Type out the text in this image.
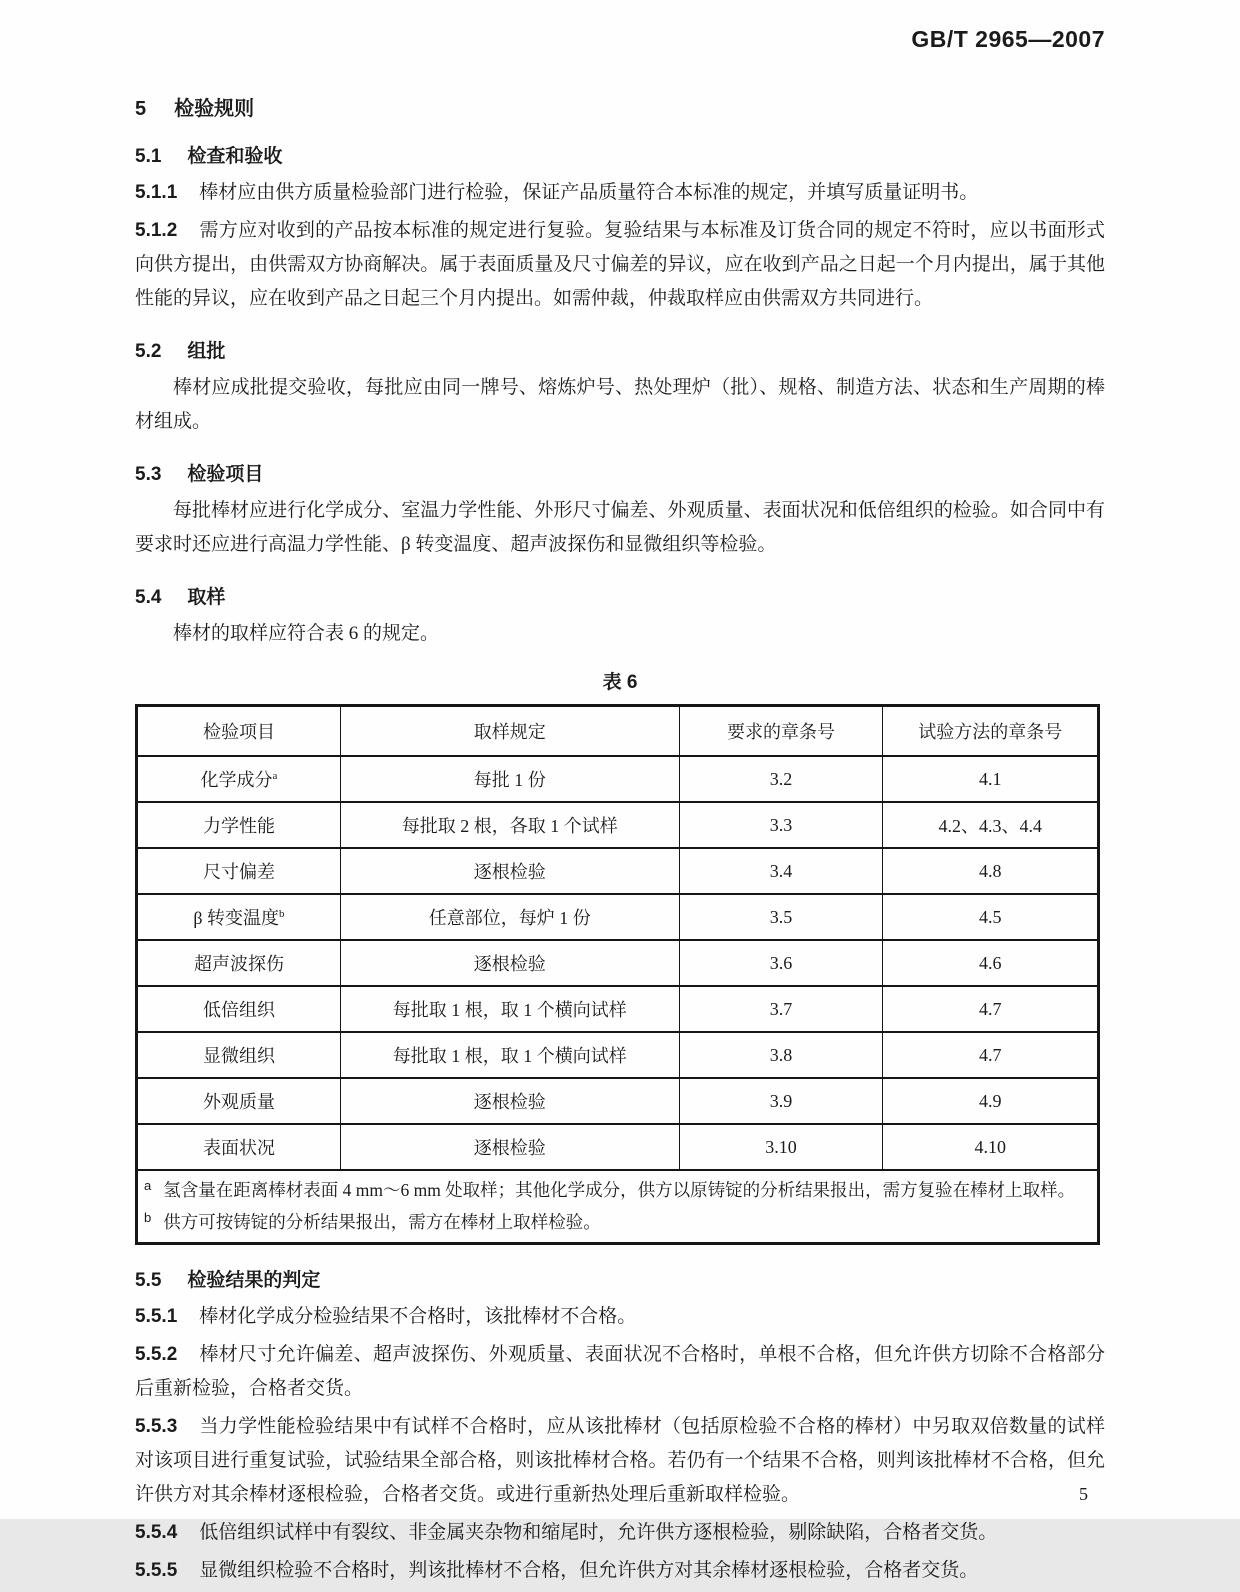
GB/T 2965—2007
5 检验规则
5.1 检查和验收

5.1.1 棒材应由供方质量检验部门进行检验，保证产品质量符合本标准的规定，并填写质量证明书。

5.1.2 需方应对收到的产品按本标准的规定进行复验。复验结果与本标准及订货合同的规定不符时，应以书面形式向供方提出，由供需双方协商解决。属于表面质量及尺寸偏差的异议，应在收到产品之日起一个月内提出，属于其他性能的异议，应在收到产品之日起三个月内提出。如需仲裁，仲裁取样应由供需双方共同进行。

5.2 组批

棒材应成批提交验收，每批应由同一牌号、熔炼炉号、热处理炉（批）、规格、制造方法、状态和生产周期的棒材组成。

5.3 检验项目

每批棒材应进行化学成分、室温力学性能、外形尺寸偏差、外观质量、表面状况和低倍组织的检验。如合同中有要求时还应进行高温力学性能、β 转变温度、超声波探伤和显微组织等检验。

5.4 取样

棒材的取样应符合表 6 的规定。

表 6
检验项目	取样规定	要求的章条号	试验方法的章条号
化学成分$^a$	每批 1 份	3.2	4.1
力学性能	每批取 2 根，各取 1 个试样	3.3	4.2、4.3、4.4
尺寸偏差	逐根检验	3.4	4.8
β 转变温度$^b$	任意部位，每炉 1 份	3.5	4.5
超声波探伤	逐根检验	3.6	4.6
低倍组织	每批取 1 根，取 1 个横向试样	3.7	4.7
显微组织	每批取 1 根，取 1 个横向试样	3.8	4.7
外观质量	逐根检验	3.9	4.9
表面状况	逐根检验	3.10	4.10

a 氢含量在距离棒材表面 4 mm～6 mm 处取样；其他化学成分，供方以原铸锭的分析结果报出，需方复验在棒材上取样。
b 供方可按铸锭的分析结果报出，需方在棒材上取样检验。			
5.5 检验结果的判定

5.5.1 棒材化学成分检验结果不合格时，该批棒材不合格。

5.5.2 棒材尺寸允许偏差、超声波探伤、外观质量、表面状况不合格时，单根不合格，但允许供方切除不合格部分后重新检验，合格者交货。

5.5.3 当力学性能检验结果中有试样不合格时，应从该批棒材（包括原检验不合格的棒材）中另取双倍数量的试样对该项目进行重复试验，试验结果全部合格，则该批棒材合格。若仍有一个结果不合格，则判该批棒材不合格，但允许供方对其余棒材逐根检验，合格者交货。或进行重新热处理后重新取样检验。

5.5.4 低倍组织试样中有裂纹、非金属夹杂物和缩尾时，允许供方逐根检验，剔除缺陷，合格者交货。

5.5.5 显微组织检验不合格时，判该批棒材不合格，但允许供方对其余棒材逐根检验，合格者交货。

5
